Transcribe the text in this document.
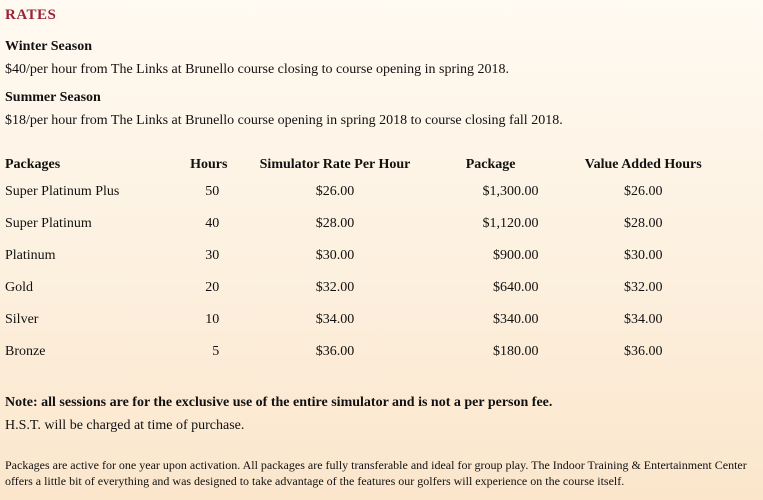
RATES

Winter Season

$40/per hour from The Links at Brunello course closing to course opening in spring 2018.

Summer Season

$18/per hour from The Links at Brunello course opening in spring 2018 to course closing fall 2018.

Packages	Hours	Simulator Rate Per Hour	Package	Value Added Hours
Super Platinum Plus	50	$26.00	$1,300.00	$26.00
Super Platinum	40	$28.00	$1,120.00	$28.00
Platinum	30	$30.00	$900.00	$30.00
Gold	20	$32.00	$640.00	$32.00
Silver	10	$34.00	$340.00	$34.00
Bronze	5	$36.00	$180.00	$36.00

Note: all sessions are for the exclusive use of the entire simulator and is not a per person fee.

H.S.T. will be charged at time of purchase.

Packages are active for one year upon activation. All packages are fully transferable and ideal for group play. The Indoor Training & Entertainment Center offers a little bit of everything and was designed to take advantage of the features our golfers will experience on the course itself.
